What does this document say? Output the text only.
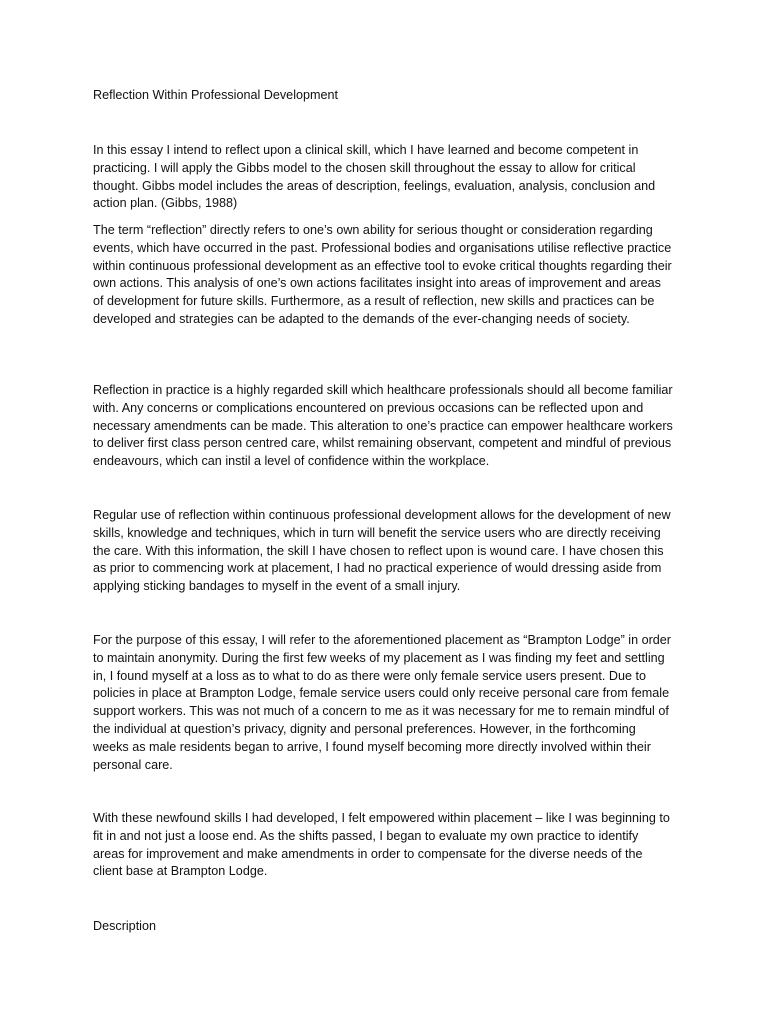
Reflection Within Professional Development

In this essay I intend to reflect upon a clinical skill, which I have learned and become competent in practicing. I will apply the Gibbs model to the chosen skill throughout the essay to allow for critical thought. Gibbs model includes the areas of description, feelings, evaluation, analysis, conclusion and action plan. (Gibbs, 1988)

The term “reflection” directly refers to one’s own ability for serious thought or consideration regarding events, which have occurred in the past. Professional bodies and organisations utilise reflective practice within continuous professional development as an effective tool to evoke critical thoughts regarding their own actions. This analysis of one’s own actions facilitates insight into areas of improvement and areas of development for future skills. Furthermore, as a result of reflection, new skills and practices can be developed and strategies can be adapted to the demands of the ever-changing needs of society.

Reflection in practice is a highly regarded skill which healthcare professionals should all become familiar with. Any concerns or complications encountered on previous occasions can be reflected upon and necessary amendments can be made. This alteration to one’s practice can empower healthcare workers to deliver first class person centred care, whilst remaining observant, competent and mindful of previous endeavours, which can instil a level of confidence within the workplace.

Regular use of reflection within continuous professional development allows for the development of new skills, knowledge and techniques, which in turn will benefit the service users who are directly receiving the care. With this information, the skill I have chosen to reflect upon is wound care. I have chosen this as prior to commencing work at placement, I had no practical experience of would dressing aside from applying sticking bandages to myself in the event of a small injury.

For the purpose of this essay, I will refer to the aforementioned placement as “Brampton Lodge” in order to maintain anonymity. During the first few weeks of my placement as I was finding my feet and settling in, I found myself at a loss as to what to do as there were only female service users present. Due to policies in place at Brampton Lodge, female service users could only receive personal care from female support workers. This was not much of a concern to me as it was necessary for me to remain mindful of the individual at question’s privacy, dignity and personal preferences. However, in the forthcoming weeks as male residents began to arrive, I found myself becoming more directly involved within their personal care.

With these newfound skills I had developed, I felt empowered within placement – like I was beginning to fit in and not just a loose end. As the shifts passed, I began to evaluate my own practice to identify areas for improvement and make amendments in order to compensate for the diverse needs of the client base at Brampton Lodge.

Description
